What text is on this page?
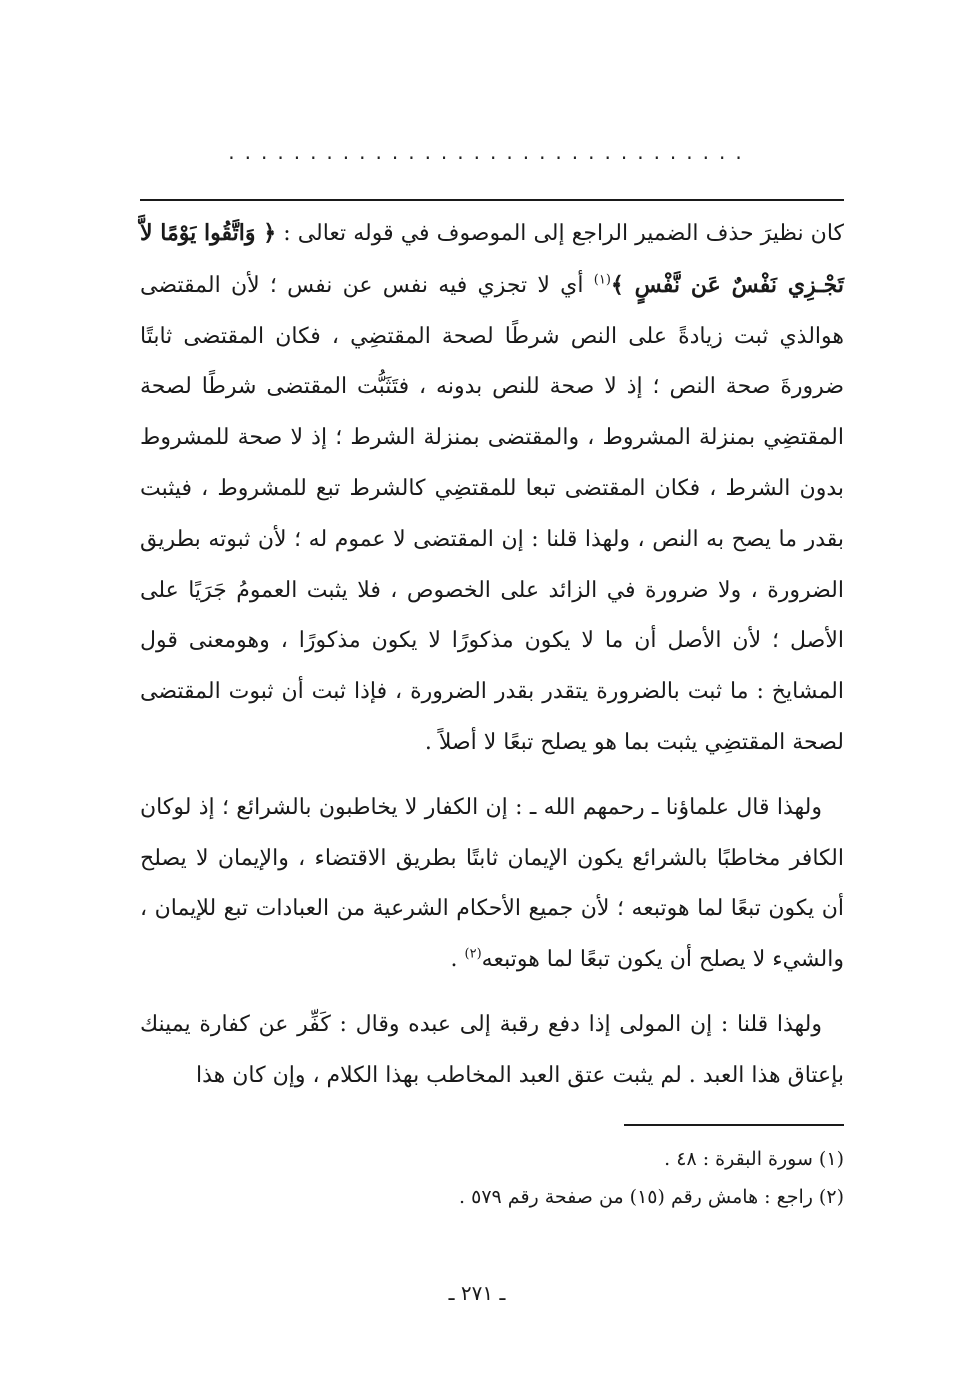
................................

كان نظيرَ حذف الضمير الراجع إلى الموصوف في قوله تعالى : ﴿ وَاتَّقُوا يَوْمًا لاَّ تَجْـزِي نَفْسٌ عَن نَّفْسٍ ﴾$^{(١)}$ أي لا تجزي فيه نفس عن نفس ؛ لأن المقتضى هوالذي ثبت زيادةً على النص شرطًا لصحة المقتضِي ، فكان المقتضى ثابتًا ضرورةَ صحة النص ؛ إذ لا صحة للنص بدونه ، فتَثَبُّت المقتضى شرطًا لصحة المقتضِي بمنزلة المشروط ، والمقتضى بمنزلة الشرط ؛ إذ لا صحة للمشروط بدون الشرط ، فكان المقتضى تبعا للمقتضِي كالشرط تبع للمشروط ، فيثبت بقدر ما يصح به النص ، ولهذا قلنا : إن المقتضى لا عموم له ؛ لأن ثبوته بطريق الضرورة ، ولا ضرورة في الزائد على الخصوص ، فلا يثبت العمومُ جَرَيًا على الأصل ؛ لأن الأصل أن ما لا يكون مذكورًا لا يكون مذكورًا ، وهومعنى قول المشايخ : ما ثبت بالضرورة يتقدر بقدر الضرورة ، فإذا ثبت أن ثبوت المقتضى لصحة المقتضِي يثبت بما هو يصلح تبعًا لا أصلاً .

ولهذا قال علماؤنا ـ رحمهم الله ـ : إن الكفار لا يخاطبون بالشرائع ؛ إذ لوكان الكافر مخاطبًا بالشرائع يكون الإيمان ثابتًا بطريق الاقتضاء ، والإيمان لا يصلح أن يكون تبعًا لما هوتبعه ؛ لأن جميع الأحكام الشرعية من العبادات تبع للإيمان ، والشيء لا يصلح أن يكون تبعًا لما هوتبعه$^{(٢)}$ .

ولهذا قلنا : إن المولى إذا دفع رقبة إلى عبده وقال : كَفِّر عن كفارة يمينك بإعتاق هذا العبد . لم يثبت عتق العبد المخاطب بهذا الكلام ، وإن كان هذا

(١) سورة البقرة : ٤٨ .

(٢) راجع : هامش رقم (١٥) من صفحة رقم ٥٧٩ .

ـ ٢٧١ ـ
